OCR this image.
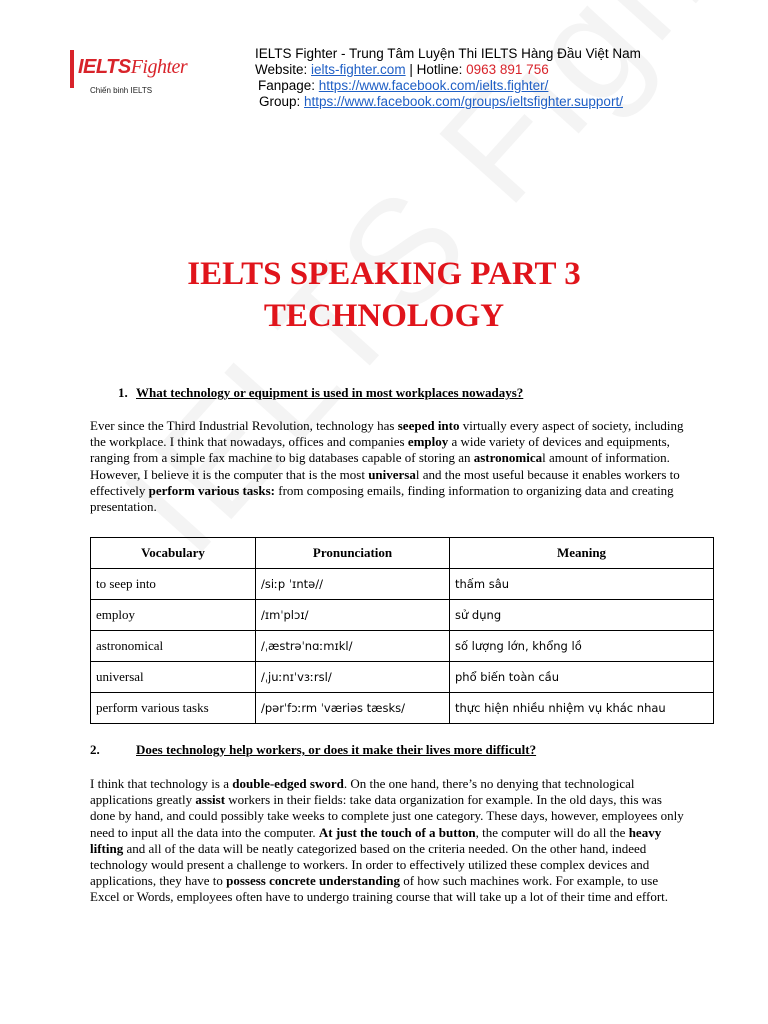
IELTSFighter
Chiến binh IELTS
IELTS Fighter - Trung Tâm Luyện Thi IELTS Hàng Đầu Việt Nam
Website: ielts-fighter.com | Hotline: 0963 891 756
Fanpage: https://www.facebook.com/ielts.fighter/
Group: https://www.facebook.com/groups/ieltsfighter.support/
IELTS SPEAKING PART 3
TECHNOLOGY
1. What technology or equipment is used in most workplaces nowadays?
Ever since the Third Industrial Revolution, technology has seeped into virtually every aspect of society, including the workplace. I think that nowadays, offices and companies employ a wide variety of devices and equipments, ranging from a simple fax machine to big databases capable of storing an astronomical amount of information. However, I believe it is the computer that is the most universal and the most useful because it enables workers to effectively perform various tasks: from composing emails, finding information to organizing data and creating presentation.
Vocabulary	Pronunciation	Meaning
to seep into	/siːp ˈɪntə//	thấm sâu
employ	/ɪmˈplɔɪ/	sử dụng
astronomical	/ˌæstrəˈnɑːmɪkl/	số lượng lớn, khổng lồ
universal	/ˌjuːnɪˈvɜːrsl/	phổ biến toàn cầu
perform various tasks	/pərˈfɔːrm ˈværiəs tæsks/	thực hiện nhiều nhiệm vụ khác nhau
2.	Does technology help workers, or does it make their lives more difficult?
I think that technology is a double-edged sword. On the one hand, there’s no denying that technological applications greatly assist workers in their fields: take data organization for example. In the old days, this was done by hand, and could possibly take weeks to complete just one category. These days, however, employees only need to input all the data into the computer. At just the touch of a button, the computer will do all the heavy lifting and all of the data will be neatly categorized based on the criteria needed. On the other hand, indeed technology would present a challenge to workers. In order to effectively utilized these complex devices and applications, they have to possess concrete understanding of how such machines work. For example, to use Excel or Words, employees often have to undergo training course that will take up a lot of their time and effort.
